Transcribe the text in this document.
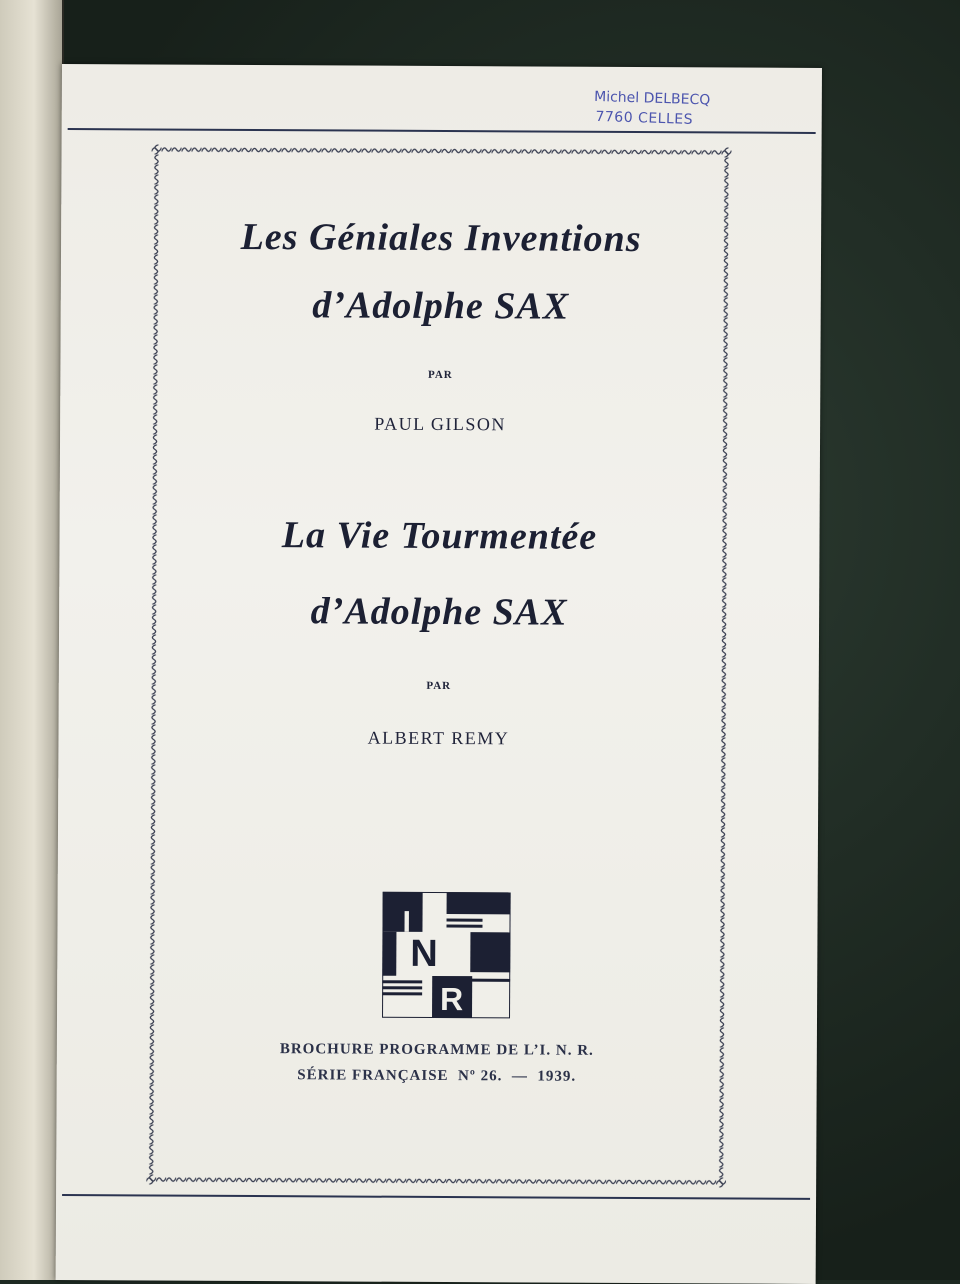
Michel DELBECQ
7760 CELLES
Les Géniales Inventions
d’Adolphe SAX
PAR
PAUL GILSON
La Vie Tourmentée
d’Adolphe SAX
PAR
ALBERT REMY
N
I
R
BROCHURE PROGRAMME DE L’I. N. R.
SÉRIE FRANÇAISE  Nº 26.  —  1939.
